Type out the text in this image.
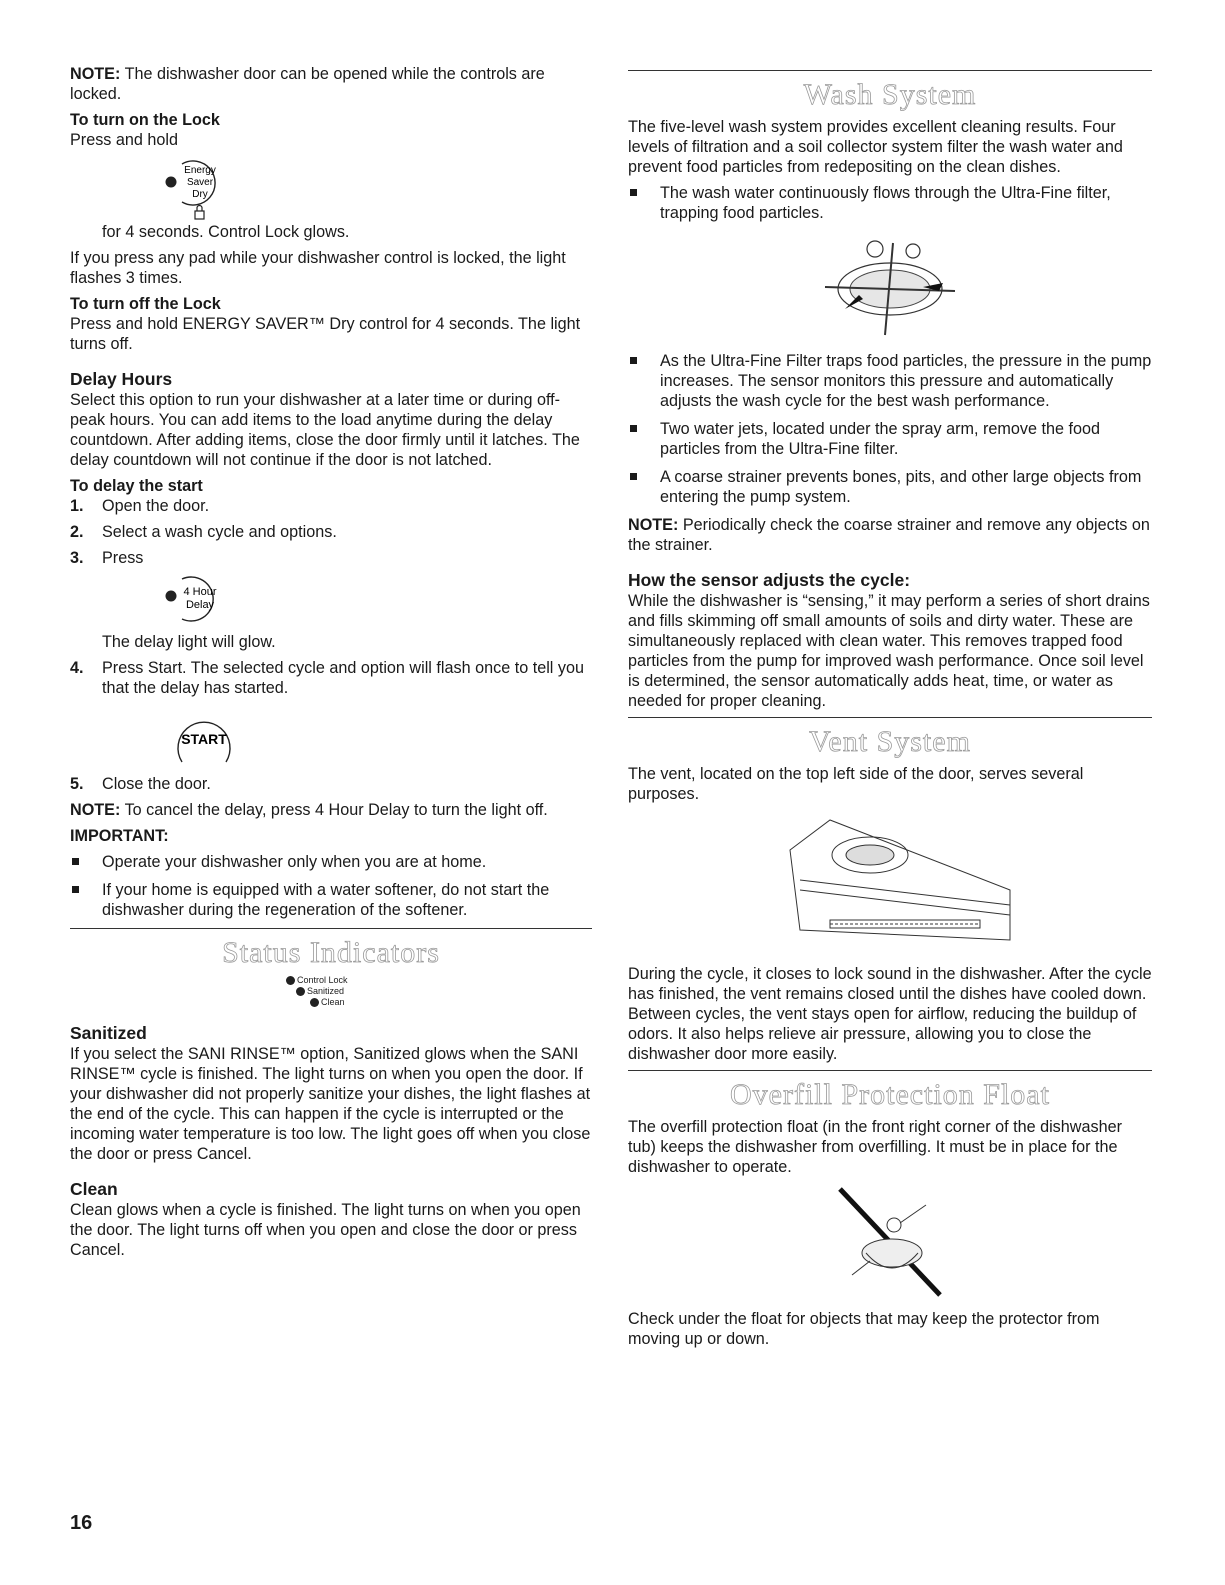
NOTE: The dishwasher door can be opened while the controls are locked.

To turn on the Lock

Press and hold

Energy
Saver
Dry

for 4 seconds. Control Lock glows.

If you press any pad while your dishwasher control is locked, the light flashes 3 times.

To turn off the Lock

Press and hold ENERGY SAVER™ Dry control for 4 seconds. The light turns off.

Delay Hours

Select this option to run your dishwasher at a later time or during off-peak hours. You can add items to the load anytime during the delay countdown. After adding items, close the door firmly until it latches. The delay countdown will not continue if the door is not latched.

To delay the start
1. Open the door.
2. Select a wash cycle and options.
3. Press
4 Hour
Delay

The delay light will glow.

4. Press Start. The selected cycle and option will flash once to tell you that the delay has started.
START
5. Close the door.

NOTE: To cancel the delay, press 4 Hour Delay to turn the light off.

IMPORTANT:
Operate your dishwasher only when you are at home.
If your home is equipped with a water softener, do not start the dishwasher during the regeneration of the softener.
Status Indicators
Control Lock
Sanitized
Clean
Sanitized

If you select the SANI RINSE™ option, Sanitized glows when the SANI RINSE™ cycle is finished. The light turns on when you open the door. If your dishwasher did not properly sanitize your dishes, the light flashes at the end of the cycle. This can happen if the cycle is interrupted or the incoming water temperature is too low. The light goes off when you close the door or press Cancel.

Clean

Clean glows when a cycle is finished. The light turns on when you open the door. The light turns off when you open and close the door or press Cancel.

Wash System

The five-level wash system provides excellent cleaning results. Four levels of filtration and a soil collector system filter the wash water and prevent food particles from redepositing on the clean dishes.

The wash water continuously flows through the Ultra-Fine filter, trapping food particles.
As the Ultra-Fine Filter traps food particles, the pressure in the pump increases. The sensor monitors this pressure and automatically adjusts the wash cycle for the best wash performance.
Two water jets, located under the spray arm, remove the food particles from the Ultra-Fine filter.
A coarse strainer prevents bones, pits, and other large objects from entering the pump system.

NOTE: Periodically check the coarse strainer and remove any objects on the strainer.

How the sensor adjusts the cycle:

While the dishwasher is “sensing,” it may perform a series of short drains and fills skimming off small amounts of soils and dirty water. These are simultaneously replaced with clean water. This removes trapped food particles from the pump for improved wash performance. Once soil level is determined, the sensor automatically adds heat, time, or water as needed for proper cleaning.

Vent System

The vent, located on the top left side of the door, serves several purposes.

During the cycle, it closes to lock sound in the dishwasher. After the cycle has finished, the vent remains closed until the dishes have cooled down. Between cycles, the vent stays open for airflow, reducing the buildup of odors. It also helps relieve air pressure, allowing you to close the dishwasher door more easily.

Overfill Protection Float

The overfill protection float (in the front right corner of the dishwasher tub) keeps the dishwasher from overfilling. It must be in place for the dishwasher to operate.

Check under the float for objects that may keep the protector from moving up or down.

16
